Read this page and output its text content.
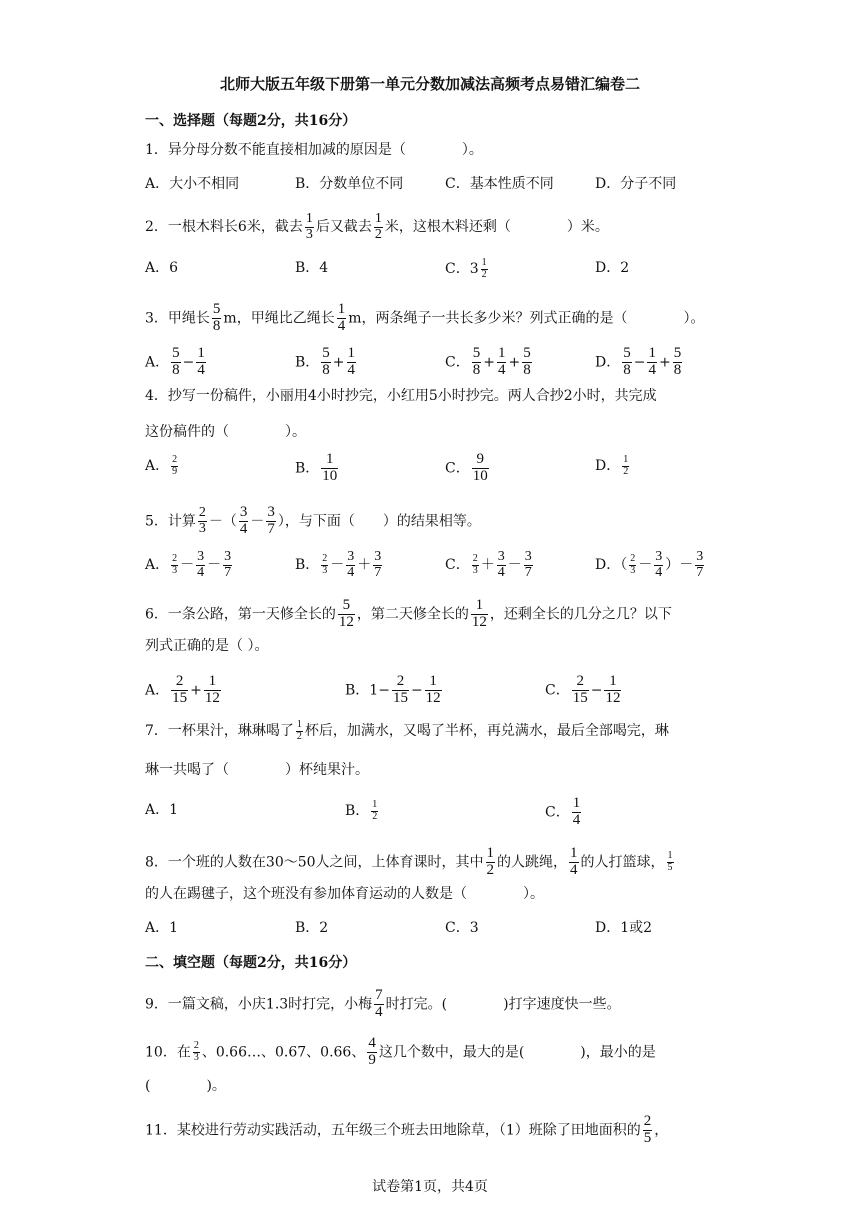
北师大版五年级下册第一单元分数加减法高频考点易错汇编卷二
一、选择题（每题2分，共16分）
1．异分母分数不能直接相加减的原因是（　　　　）。
A．大小不相同	B．分数单位不同	C．基本性质不同	D．分子不同
2．一根木料长6米，截去 $\frac{1}{3}$ 后又截去 $\frac{1}{2}$ 米，这根木料还剩（　　　　）米。
A．6	B．4	C．$3 \frac{1}{2}$	D．2
3．甲绳长 $\frac{5}{8}$ m，甲绳比乙绳长 $\frac{1}{4}$ m，两条绳子一共长多少米？列式正确的是（　　　　）。
A． $\frac{5}{8} - \frac{1}{4}$	B． $\frac{5}{8} + \frac{1}{4}$	C． $\frac{5}{8} + \frac{1}{4} + \frac{5}{8}$	D． $\frac{5}{8} - \frac{1}{4} + \frac{5}{8}$
4．抄写一份稿件，小丽用4小时抄完，小红用5小时抄完。两人合抄2小时，共完成
这份稿件的（　　　　）。
A． $\frac{2}{9}$	B． $\frac{1}{10}$	C． $\frac{9}{10}$	D． $\frac{1}{2}$
5．计算 $\frac{2}{3}$ －（ $\frac{3}{4} - \frac{3}{7}$ ），与下面（　　）的结果相等。
A． $\frac{2}{3} - \frac{3}{4} - \frac{3}{7}$	B． $\frac{2}{3} - \frac{3}{4} + \frac{3}{7}$	C． $\frac{2}{3} + \frac{3}{4} - \frac{3}{7}$	D．（ $\frac{2}{3} - \frac{3}{4}$ ）－ $\frac{3}{7}$
6．一条公路，第一天修全长的 $\frac{5}{12}$ ，第二天修全长的 $\frac{1}{12}$ ，还剩全长的几分之几？以下
列式正确的是（ ）。
A． $\frac{2}{15} + \frac{1}{12}$	B．$1- \frac{2}{15} - \frac{1}{12}$	C． $\frac{2}{15} - \frac{1}{12}$
7．一杯果汁，琳琳喝了 $\frac{1}{2}$ 杯后，加满水，又喝了半杯，再兑满水，最后全部喝完，琳
琳一共喝了（　　　　）杯纯果汁。
A．1	B． $\frac{1}{2}$	C． $\frac{1}{4}$
8．一个班的人数在30～50人之间，上体育课时，其中 $\frac{1}{2}$ 的人跳绳， $\frac{1}{4}$ 的人打篮球， $\frac{1}{5}$
的人在踢毽子，这个班没有参加体育运动的人数是（　　　　）。
A．1	B．2	C．3	D．1或2
二、填空题（每题2分，共16分）
9．一篇文稿，小庆1.3时打完，小梅 $\frac{7}{4}$ 时打完。(　　　　)打字速度快一些。
10．在 $\frac{2}{3}$ 、0.66…、0.67、0.66、 $\frac{4}{9}$ 这几个数中，最大的是(　　　　)，最小的是
(　　　　)。
11．某校进行劳动实践活动，五年级三个班去田地除草，（1）班除了田地面积的 $\frac{2}{5}$ ，
试卷第1页，共4页
